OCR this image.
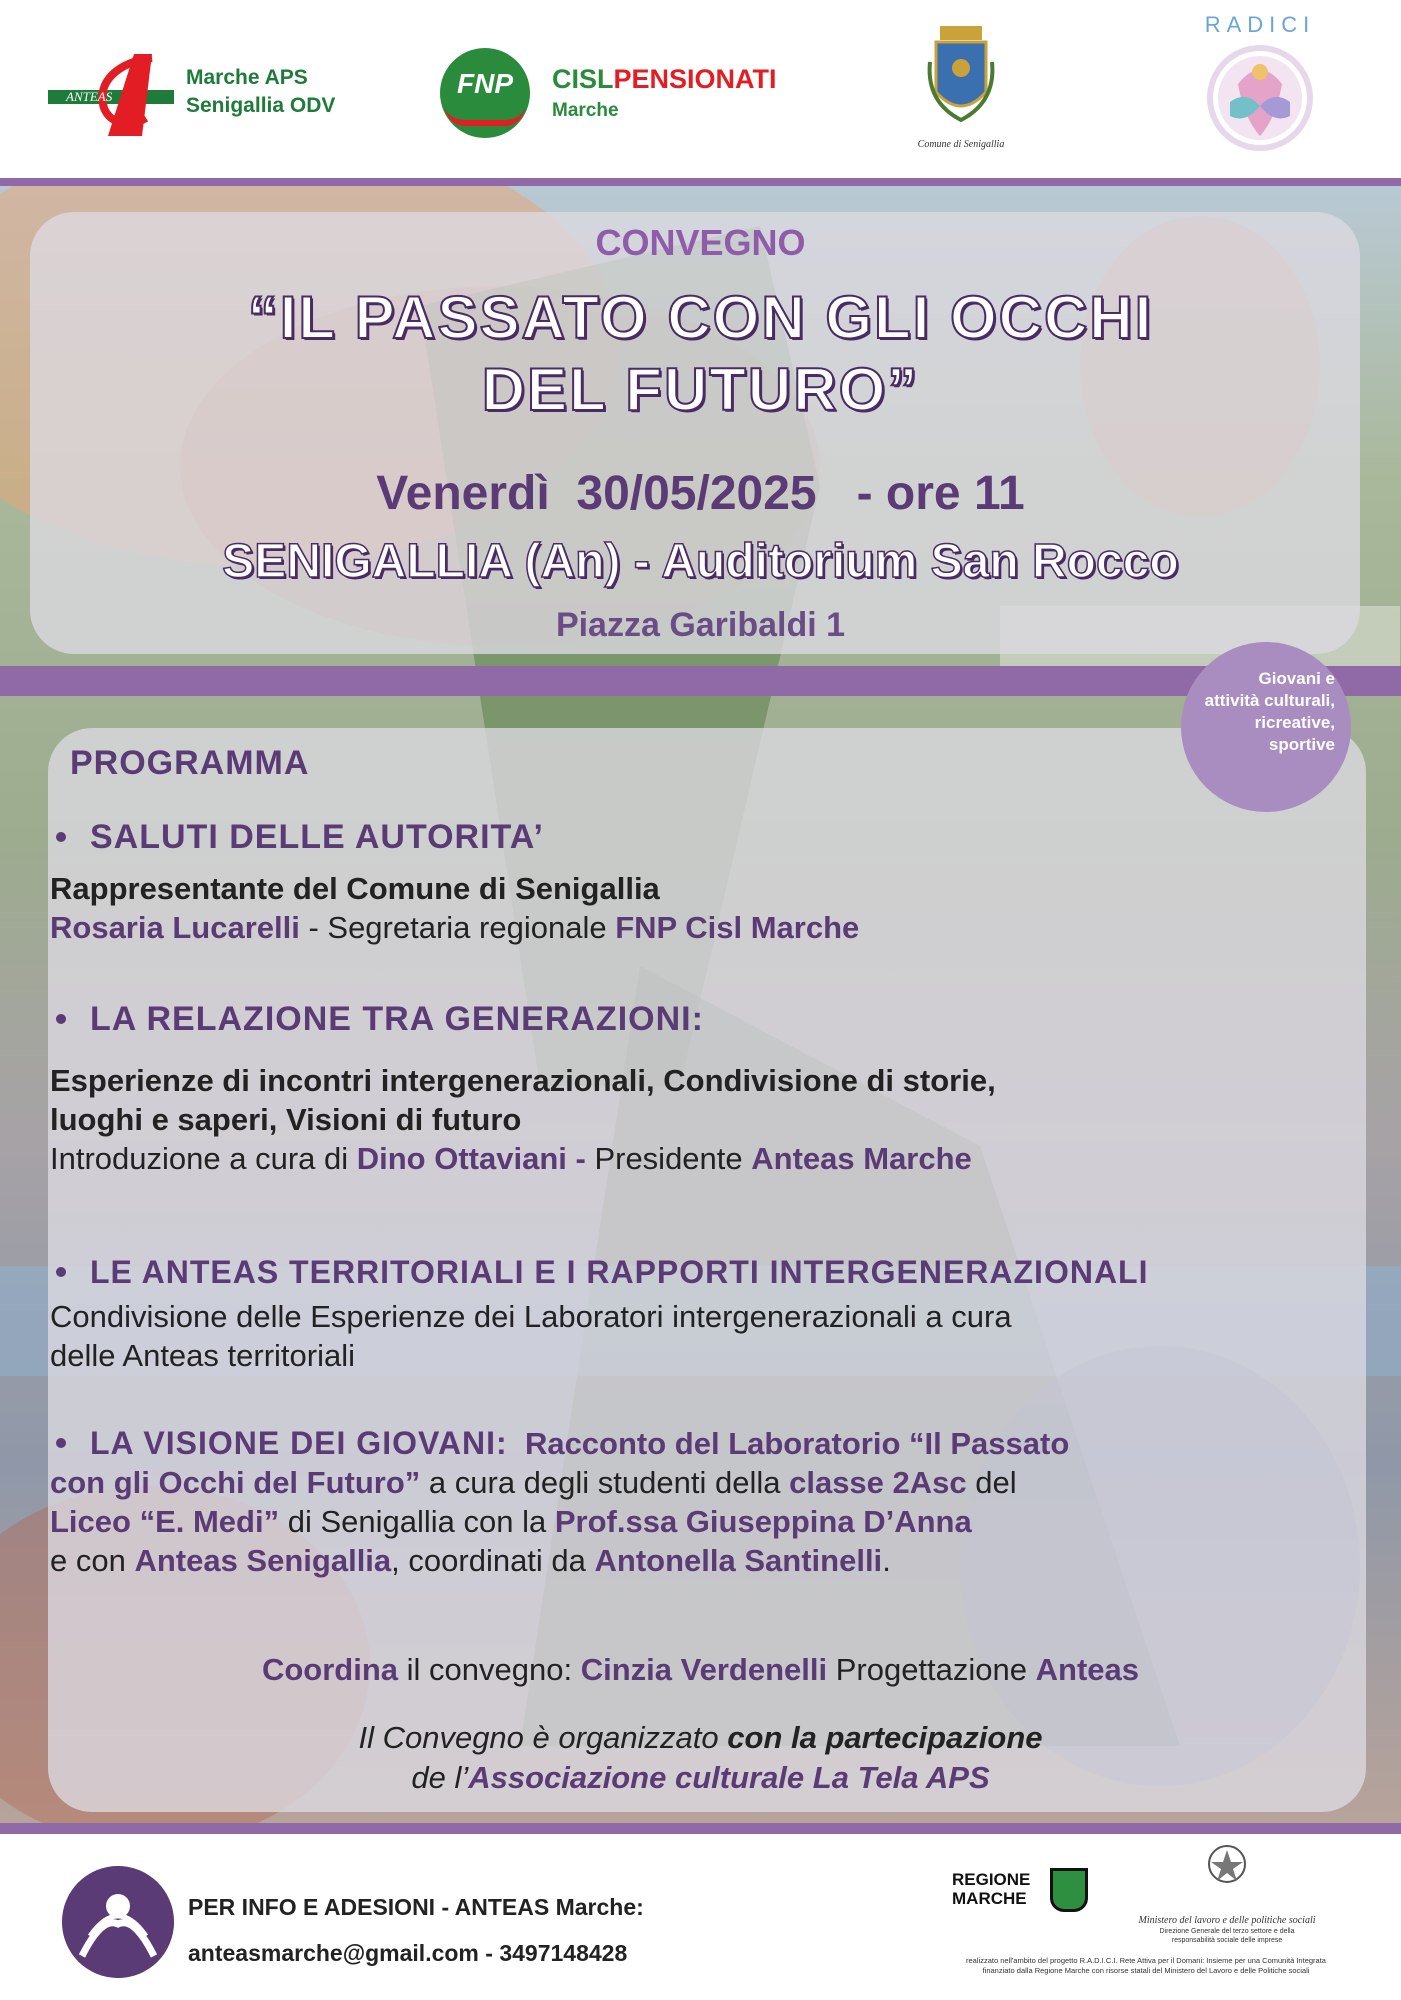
ANTEAS
Marche APS
Senigallia ODV
FNP	CISLPENSIONATI
Marche
Comune di Senigallia
RADICI
CONVEGNO
“IL PASSATO CON GLI OCCHI
DEL FUTURO”
Venerdì  30/05/2025   - ore 11
SENIGALLIA (An) - Auditorium San Rocco
Piazza Garibaldi 1
Giovani e
attività culturali,
ricreative,
sportive
PROGRAMMA
SALUTI DELLE AUTORITA’
Rappresentante del Comune di Senigallia
Rosaria Lucarelli - Segretaria regionale FNP Cisl Marche
LA RELAZIONE TRA GENERAZIONI:
Esperienze di incontri intergenerazionali, Condivisione di storie,
luoghi e saperi, Visioni di futuro
Introduzione a cura di Dino Ottaviani - Presidente Anteas Marche
LE ANTEAS TERRITORIALI E I RAPPORTI INTERGENERAZIONALI
Condivisione delle Esperienze dei Laboratori intergenerazionali a cura
delle Anteas territoriali
LA VISIONE DEI GIOVANI: Racconto del Laboratorio “Il Passato
con gli Occhi del Futuro” a cura degli studenti della classe 2Asc del
Liceo “E. Medi” di Senigallia con la Prof.ssa Giuseppina D’Anna
e con Anteas Senigallia, coordinati da Antonella Santinelli.
Coordina il convegno: Cinzia Verdenelli Progettazione Anteas
Il Convegno è organizzato con la partecipazione
de l’Associazione culturale La Tela APS
PER INFO E ADESIONI - ANTEAS Marche:
anteasmarche@gmail.com - 3497148428
REGIONE
MARCHE
Ministero del lavoro e delle politiche sociali
Direzione Generale del terzo settore e della
responsabilità sociale delle imprese
realizzato nell'ambito del progetto R.A.D.I.C.I. Rete Attiva per il Domani: Insieme per una Comunità Integrata
finanziato dalla Regione Marche con risorse statali del Ministero del Lavoro e delle Politiche sociali
